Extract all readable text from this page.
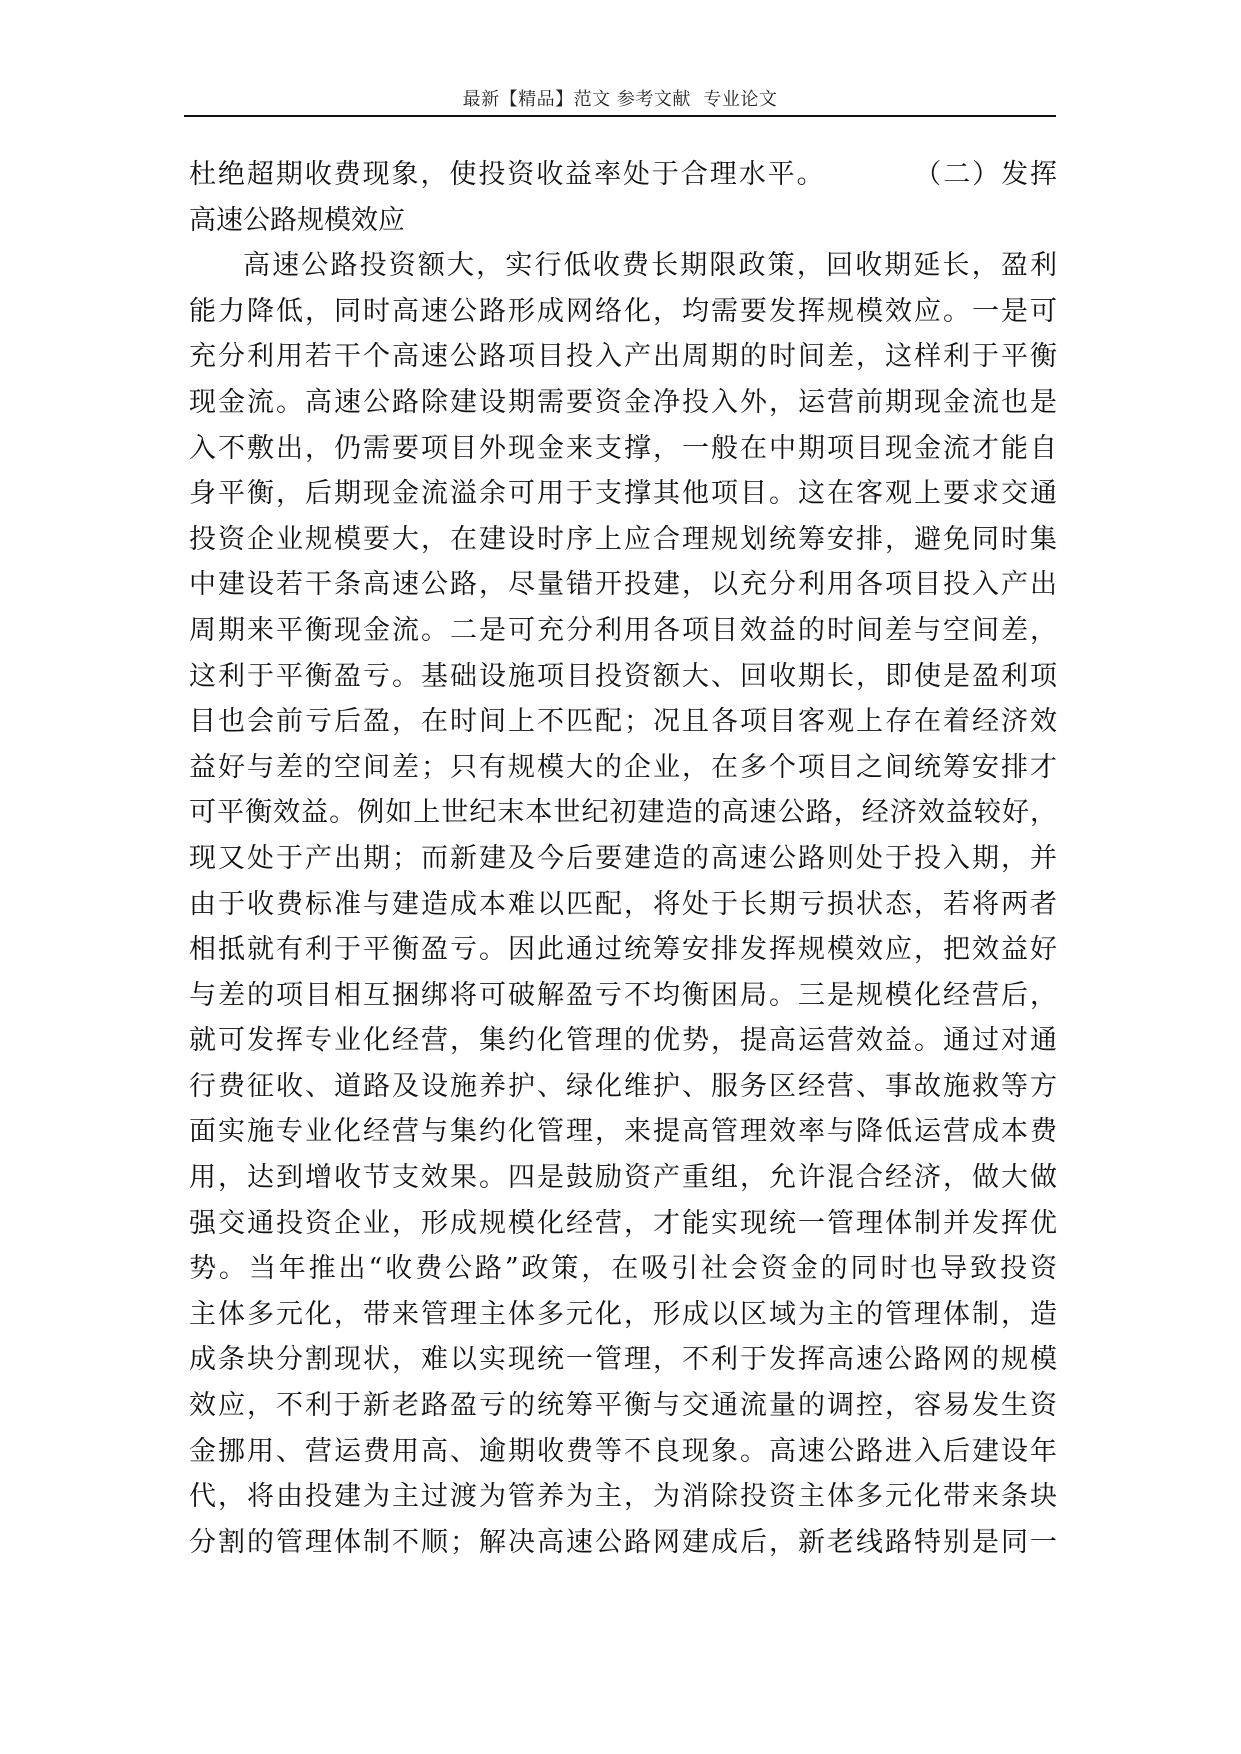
最新【精品】范文 参考文献  专业论文
杜绝超期收费现象，使投资收益率处于合理水平。　　　　（二）发挥
高速公路规模效应
高速公路投资额大，实行低收费长期限政策，回收期延长，盈利
能力降低，同时高速公路形成网络化，均需要发挥规模效应。一是可
充分利用若干个高速公路项目投入产出周期的时间差，这样利于平衡
现金流。高速公路除建设期需要资金净投入外，运营前期现金流也是
入不敷出，仍需要项目外现金来支撑，一般在中期项目现金流才能自
身平衡，后期现金流溢余可用于支撑其他项目。这在客观上要求交通
投资企业规模要大，在建设时序上应合理规划统筹安排，避免同时集
中建设若干条高速公路，尽量错开投建，以充分利用各项目投入产出
周期来平衡现金流。二是可充分利用各项目效益的时间差与空间差，
这利于平衡盈亏。基础设施项目投资额大、回收期长，即使是盈利项
目也会前亏后盈，在时间上不匹配；况且各项目客观上存在着经济效
益好与差的空间差；只有规模大的企业，在多个项目之间统筹安排才
可平衡效益。例如上世纪末本世纪初建造的高速公路，经济效益较好，
现又处于产出期；而新建及今后要建造的高速公路则处于投入期，并
由于收费标准与建造成本难以匹配，将处于长期亏损状态，若将两者
相抵就有利于平衡盈亏。因此通过统筹安排发挥规模效应，把效益好
与差的项目相互捆绑将可破解盈亏不均衡困局。三是规模化经营后，
就可发挥专业化经营，集约化管理的优势，提高运营效益。通过对通
行费征收、道路及设施养护、绿化维护、服务区经营、事故施救等方
面实施专业化经营与集约化管理，来提高管理效率与降低运营成本费
用，达到增收节支效果。四是鼓励资产重组，允许混合经济，做大做
强交通投资企业，形成规模化经营，才能实现统一管理体制并发挥优
势。当年推出“收费公路”政策，在吸引社会资金的同时也导致投资
主体多元化，带来管理主体多元化，形成以区域为主的管理体制，造
成条块分割现状，难以实现统一管理，不利于发挥高速公路网的规模
效应，不利于新老路盈亏的统筹平衡与交通流量的调控，容易发生资
金挪用、营运费用高、逾期收费等不良现象。高速公路进入后建设年
代，将由投建为主过渡为管养为主，为消除投资主体多元化带来条块
分割的管理体制不顺；解决高速公路网建成后，新老线路特别是同一
